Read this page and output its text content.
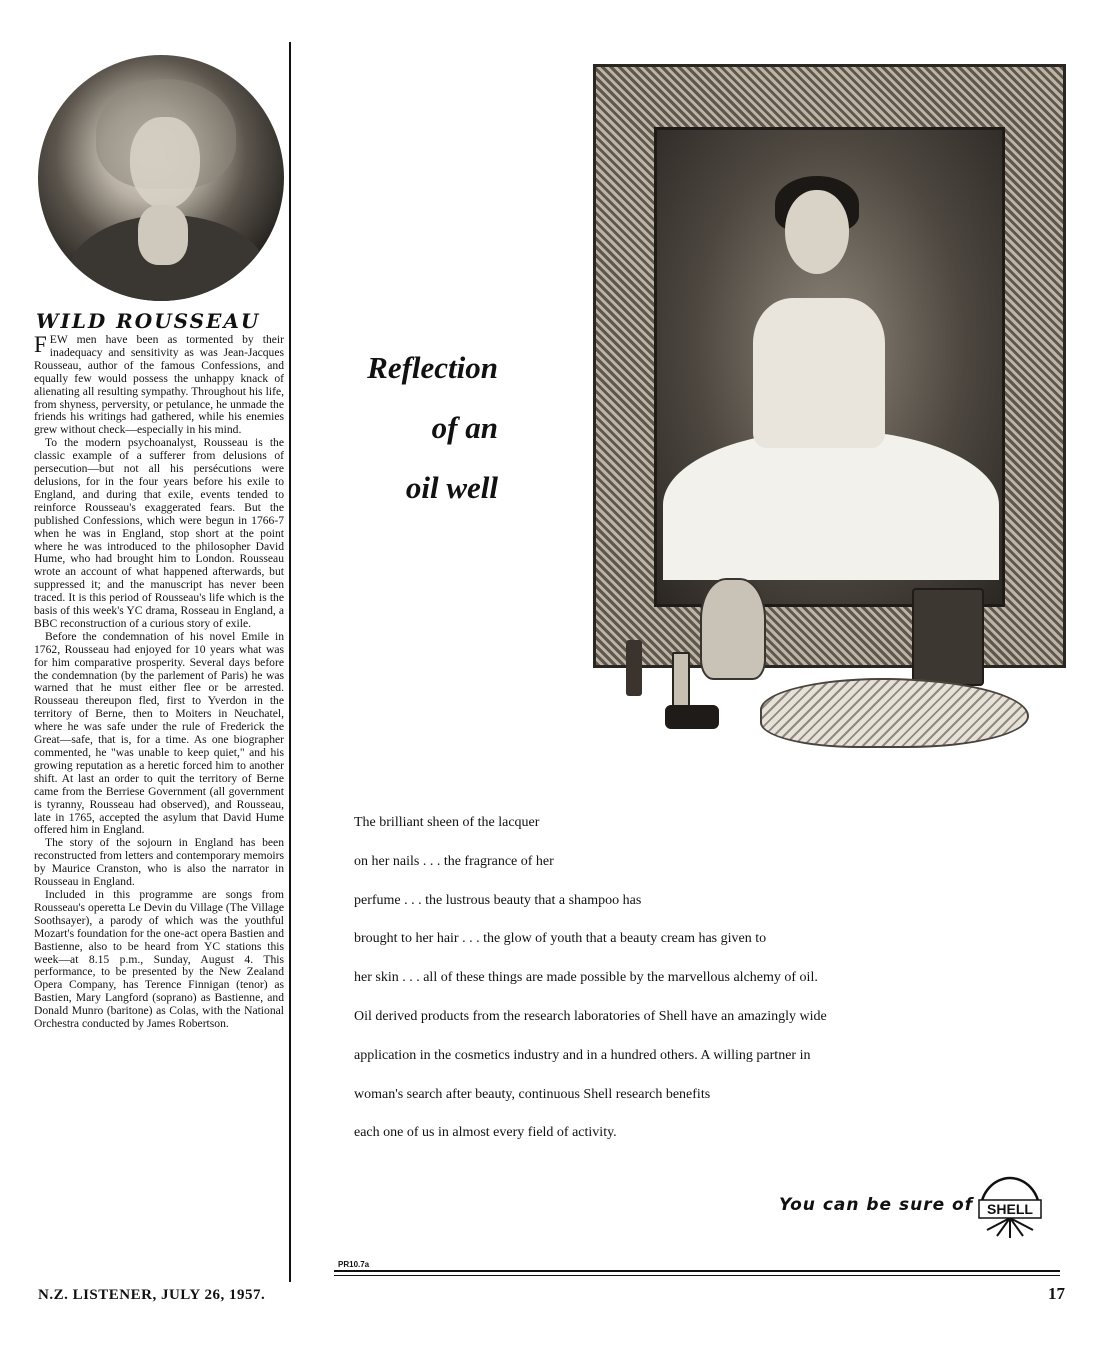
WILD ROUSSEAU

FEW men have been as tormented by their inadequacy and sensitivity as was Jean-Jacques Rousseau, author of the famous Confessions, and equally few would possess the unhappy knack of alienating all resulting sympathy. Throughout his life, from shyness, perversity, or petulance, he unmade the friends his writings had gathered, while his enemies grew without check—especially in his mind.

To the modern psychoanalyst, Rousseau is the classic example of a sufferer from delusions of persecution—but not all his persécutions were delusions, for in the four years before his exile to England, and during that exile, events tended to reinforce Rousseau's exaggerated fears. But the published Confessions, which were begun in 1766-7 when he was in England, stop short at the point where he was introduced to the philosopher David Hume, who had brought him to London. Rousseau wrote an account of what happened afterwards, but suppressed it; and the manuscript has never been traced. It is this period of Rousseau's life which is the basis of this week's YC drama, Rosseau in England, a BBC reconstruction of a curious story of exile.

Before the condemnation of his novel Emile in 1762, Rousseau had enjoyed for 10 years what was for him comparative prosperity. Several days before the condemnation (by the parlement of Paris) he was warned that he must either flee or be arrested. Rousseau thereupon fled, first to Yverdon in the territory of Berne, then to Moiters in Neuchatel, where he was safe under the rule of Frederick the Great—safe, that is, for a time. As one biographer commented, he "was unable to keep quiet," and his growing reputation as a heretic forced him to another shift. At last an order to quit the territory of Berne came from the Berriese Government (all government is tyranny, Rousseau had observed), and Rousseau, late in 1765, accepted the asylum that David Hume offered him in England.

The story of the sojourn in England has been reconstructed from letters and contemporary memoirs by Maurice Cranston, who is also the narrator in Rousseau in England.

Included in this programme are songs from Rousseau's operetta Le Devin du Village (The Village Soothsayer), a parody of which was the youthful Mozart's foundation for the one-act opera Bastien and Bastienne, also to be heard from YC stations this week—at 8.15 p.m., Sunday, August 4. This performance, to be presented by the New Zealand Opera Company, has Terence Finnigan (tenor) as Bastien, Mary Langford (soprano) as Bastienne, and Donald Munro (baritone) as Colas, with the National Orchestra conducted by James Robertson.

N.Z. LISTENER, JULY 26, 1957.	17
Reflection
of an
oil well
The brilliant sheen of the lacquer
on her nails . . . the fragrance of her
perfume . . . the lustrous beauty that a shampoo has
brought to her hair . . . the glow of youth that a beauty cream has given to
her skin . . . all of these things are made possible by the marvellous alchemy of oil.
Oil derived products from the research laboratories of Shell have an amazingly wide
application in the cosmetics industry and in a hundred others. A willing partner in
woman's search after beauty, continuous Shell research benefits
each one of us in almost every field of activity.

You can be sure of SHELL
PR10.7a
